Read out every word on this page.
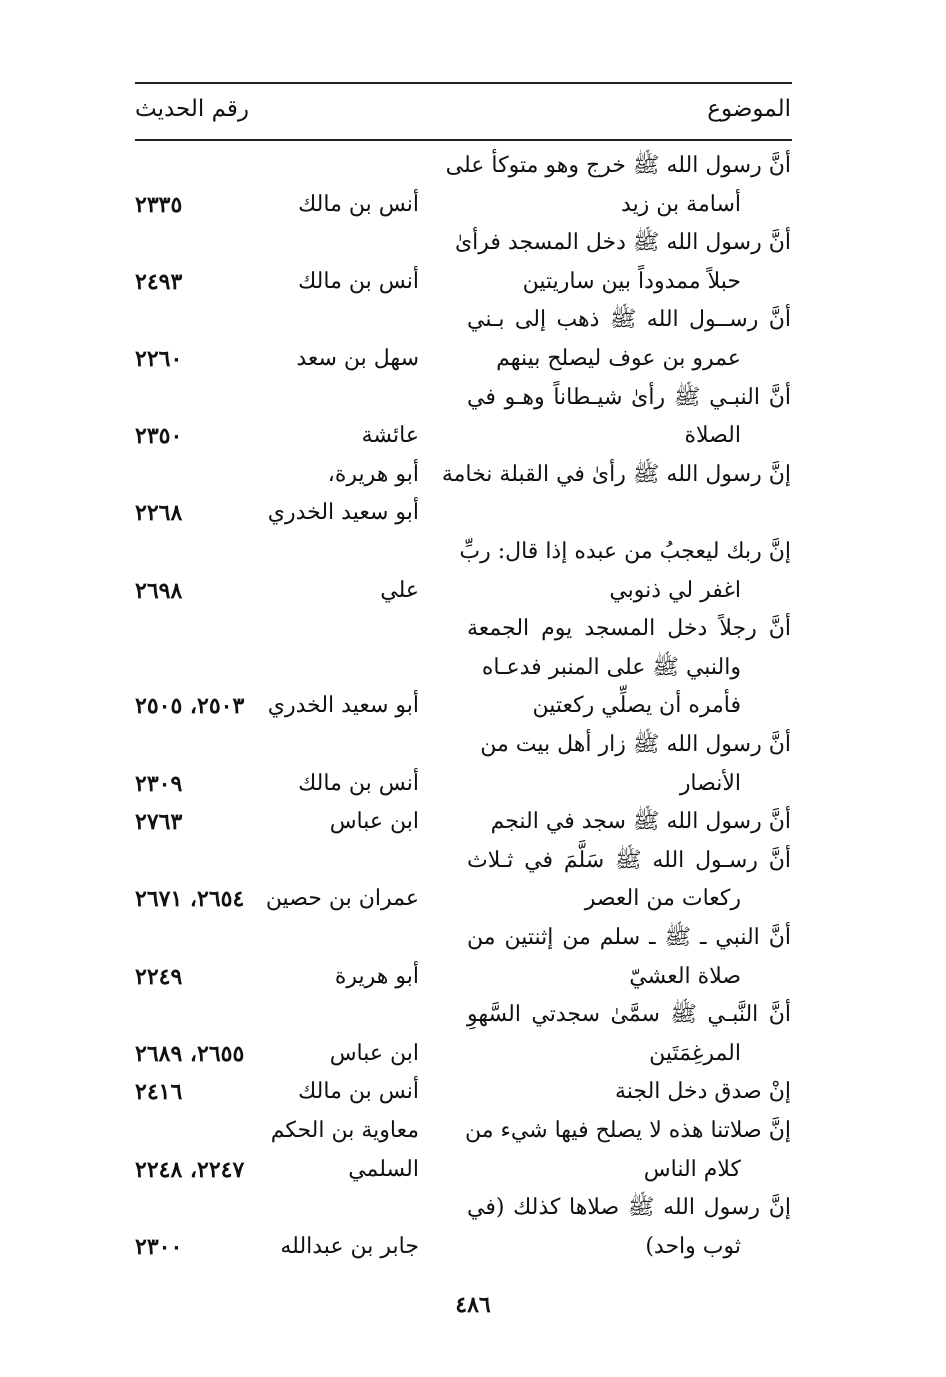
الموضوع
رقم الحديث
أنَّ رسول الله ﷺ خرج وهو متوكأ على
أسامة بن زيد
أنس بن مالك
٢٣٣٥
أنَّ رسول الله ﷺ دخل المسجد فرأىٰ
حبلاً ممدوداً بين ساريتين
أنس بن مالك
٢٤٩٣
أنَّ رســول الله ﷺ ذهب إلى بـني
عمرو بن عوف ليصلح بينهم
سهل بن سعد
٢٢٦٠
أنَّ النبـي ﷺ رأىٰ شيـطاناً وهـو في
الصلاة
عائشة
٢٣٥٠
إنَّ رسول الله ﷺ رأىٰ في القبلة نخامة
أبو هريرة،
أبو سعيد الخدري
٢٢٦٨
إنَّ ربك ليعجبُ من عبده إذا قال: ربِّ
اغفر لي ذنوبي
علي
٢٦٩٨
أنَّ رجلاً دخل المسجد يوم الجمعة
والنبي ﷺ على المنبر فدعـاه
فأمره أن يصلِّي ركعتين
أبو سعيد الخدري
٢٥٠٣، ٢٥٠٥
أنَّ رسول الله ﷺ زار أهل بيت من
الأنصار
أنس بن مالك
٢٣٠٩
أنَّ رسول الله ﷺ سجد في النجم
ابن عباس
٢٧٦٣
أنَّ رسـول الله ﷺ سَلَّمَ في ثـلاث
ركعات من العصر
عمران بن حصين
٢٦٥٤، ٢٦٧١
أنَّ النبي ـ ﷺ ـ سلم من إثنتين من
صلاة العشيّ
أبو هريرة
٢٢٤٩
أنَّ النَّبـي ﷺ سمَّىٰ سجدتي السَّهوِ
المرغِمَتَين
ابن عباس
٢٦٥٥، ٢٦٨٩
إنْ صدق دخل الجنة
أنس بن مالك
٢٤١٦
إنَّ صلاتنا هذه لا يصلح فيها شيء من
معاوية بن الحكم
كلام الناس
السلمي
٢٢٤٧، ٢٢٤٨
إنَّ رسول الله ﷺ صلاها كذلك (في
ثوب واحد)
جابر بن عبدالله
٢٣٠٠
٤٨٦
